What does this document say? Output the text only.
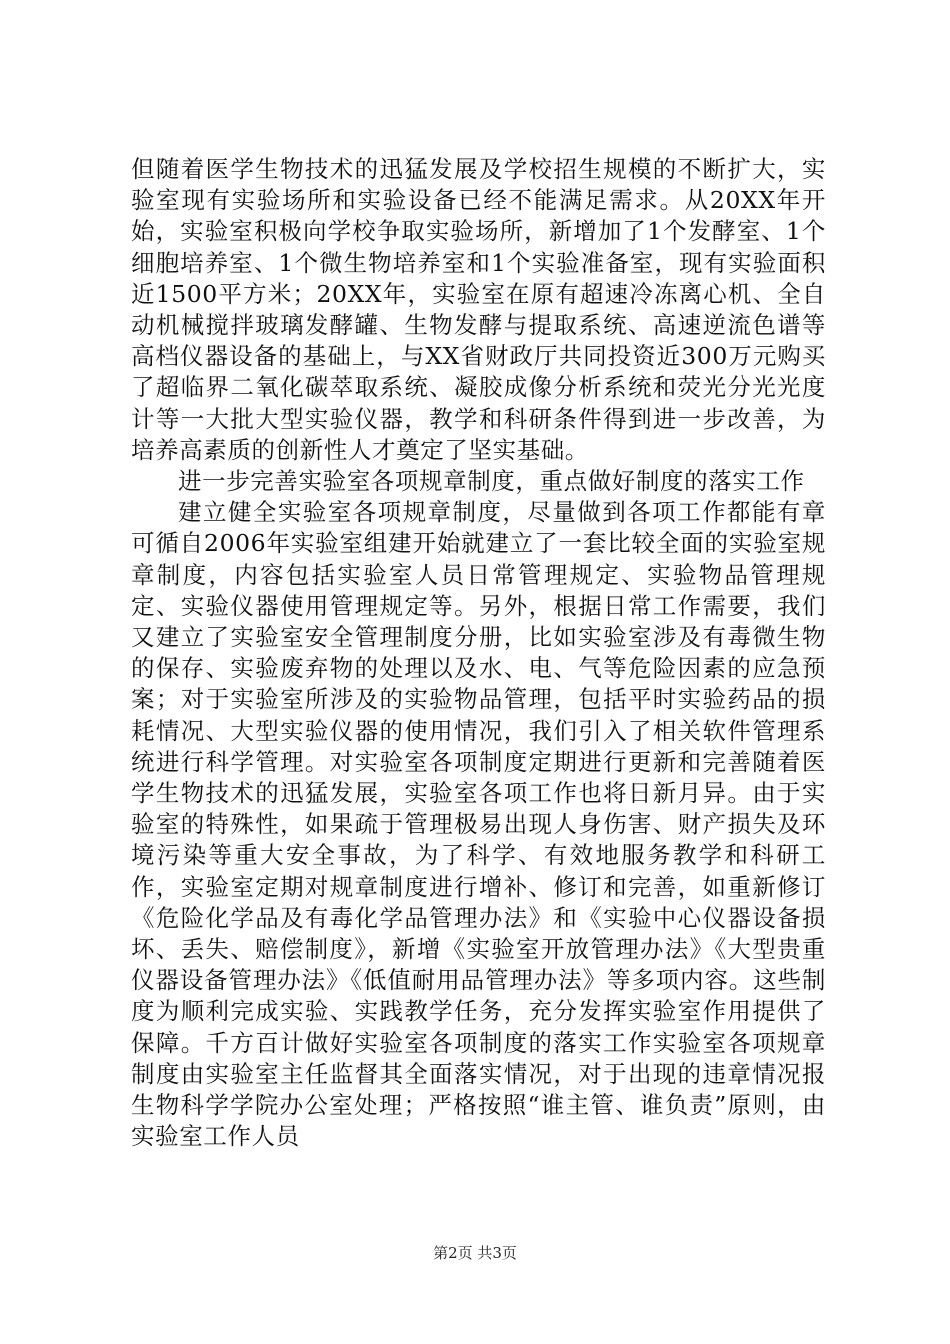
但随着医学生物技术的迅猛发展及学校招生规模的不断扩大，实验室现有实验场所和实验设备已经不能满足需求。从20XX年开始，实验室积极向学校争取实验场所，新增加了1个发酵室、1个细胞培养室、1个微生物培养室和1个实验准备室，现有实验面积近1500平方米；20XX年，实验室在原有超速冷冻离心机、全自动机械搅拌玻璃发酵罐、生物发酵与提取系统、高速逆流色谱等高档仪器设备的基础上，与XX省财政厅共同投资近300万元购买了超临界二氧化碳萃取系统、凝胶成像分析系统和荧光分光光度计等一大批大型实验仪器，教学和科研条件得到进一步改善，为培养高素质的创新性人才奠定了坚实基础。

进一步完善实验室各项规章制度，重点做好制度的落实工作

建立健全实验室各项规章制度，尽量做到各项工作都能有章可循自2006年实验室组建开始就建立了一套比较全面的实验室规章制度，内容包括实验室人员日常管理规定、实验物品管理规定、实验仪器使用管理规定等。另外，根据日常工作需要，我们又建立了实验室安全管理制度分册，比如实验室涉及有毒微生物的保存、实验废弃物的处理以及水、电、气等危险因素的应急预案；对于实验室所涉及的实验物品管理，包括平时实验药品的损耗情况、大型实验仪器的使用情况，我们引入了相关软件管理系统进行科学管理。对实验室各项制度定期进行更新和完善随着医学生物技术的迅猛发展，实验室各项工作也将日新月异。由于实验室的特殊性，如果疏于管理极易出现人身伤害、财产损失及环境污染等重大安全事故，为了科学、有效地服务教学和科研工作，实验室定期对规章制度进行增补、修订和完善，如重新修订《危险化学品及有毒化学品管理办法》和《实验中心仪器设备损坏、丢失、赔偿制度》，新增《实验室开放管理办法》《大型贵重仪器设备管理办法》《低值耐用品管理办法》等多项内容。这些制度为顺利完成实验、实践教学任务，充分发挥实验室作用提供了保障。千方百计做好实验室各项制度的落实工作实验室各项规章制度由实验室主任监督其全面落实情况，对于出现的违章情况报生物科学学院办公室处理；严格按照“谁主管、谁负责”原则，由实验室工作人员

第2页 共3页
